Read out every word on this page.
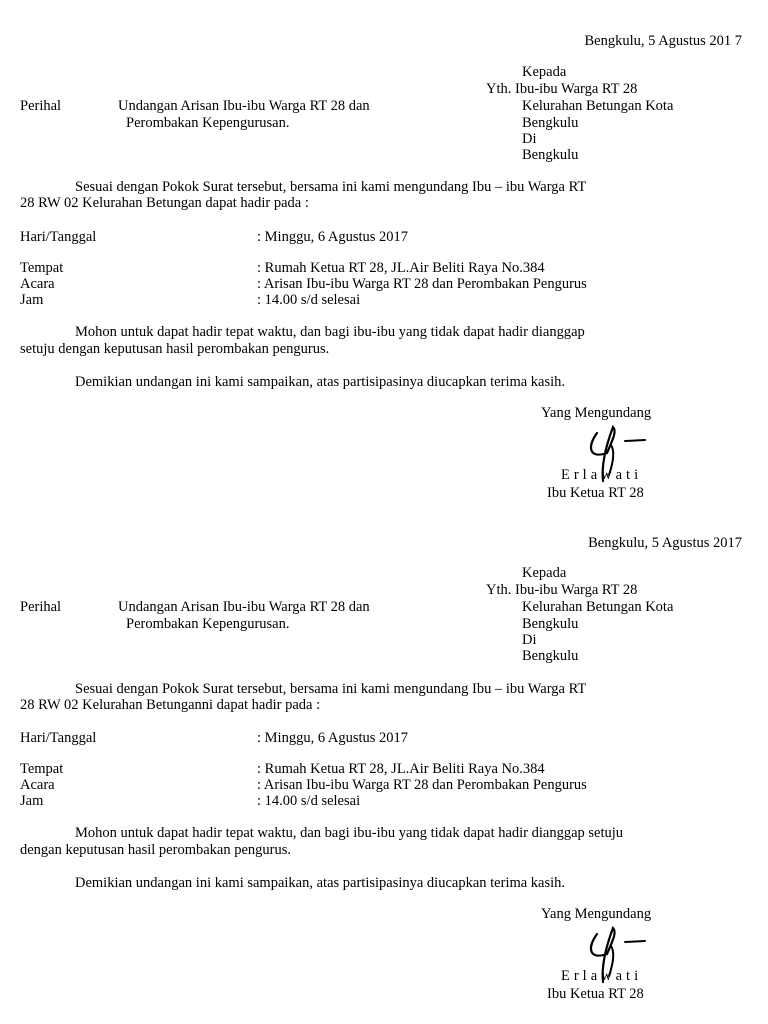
Bengkulu, 5 Agustus 201 7
Kepada
Yth. Ibu-ibu Warga RT 28
Kelurahan Betungan Kota
Bengkulu
Di
Bengkulu
Perihal	Undangan Arisan Ibu-ibu Warga RT 28 dan
Perombakan Kepengurusan.
Sesuai dengan Pokok Surat tersebut, bersama ini kami mengundang Ibu – ibu Warga RT
28 RW 02 Kelurahan Betungan dapat hadir pada :
Hari/Tanggal	: Minggu, 6 Agustus 2017
Tempat	: Rumah Ketua RT 28, JL.Air Beliti Raya No.384
Acara	: Arisan Ibu-ibu Warga RT 28 dan Perombakan Pengurus
Jam	: 14.00 s/d selesai
Mohon untuk dapat hadir tepat waktu, dan bagi ibu-ibu yang tidak dapat hadir dianggap
setuju dengan keputusan hasil perombakan pengurus.
Demikian undangan ini kami sampaikan, atas partisipasinya diucapkan terima kasih.
Yang Mengundang
Erlawati
Ibu Ketua RT 28
Bengkulu, 5 Agustus 2017
Kepada
Yth. Ibu-ibu Warga RT 28
Kelurahan Betungan Kota
Bengkulu
Di
Bengkulu
Perihal	Undangan Arisan Ibu-ibu Warga RT 28 dan
Perombakan Kepengurusan.
Sesuai dengan Pokok Surat tersebut, bersama ini kami mengundang Ibu – ibu Warga RT
28 RW 02 Kelurahan Betunganni dapat hadir pada :
Hari/Tanggal	: Minggu, 6 Agustus 2017
Tempat	: Rumah Ketua RT 28, JL.Air Beliti Raya No.384
Acara	: Arisan Ibu-ibu Warga RT 28 dan Perombakan Pengurus
Jam	: 14.00 s/d selesai
Mohon untuk dapat hadir tepat waktu, dan bagi ibu-ibu yang tidak dapat hadir dianggap setuju
dengan keputusan hasil perombakan pengurus.
Demikian undangan ini kami sampaikan, atas partisipasinya diucapkan terima kasih.
Yang Mengundang
Erlawati
Ibu Ketua RT 28
